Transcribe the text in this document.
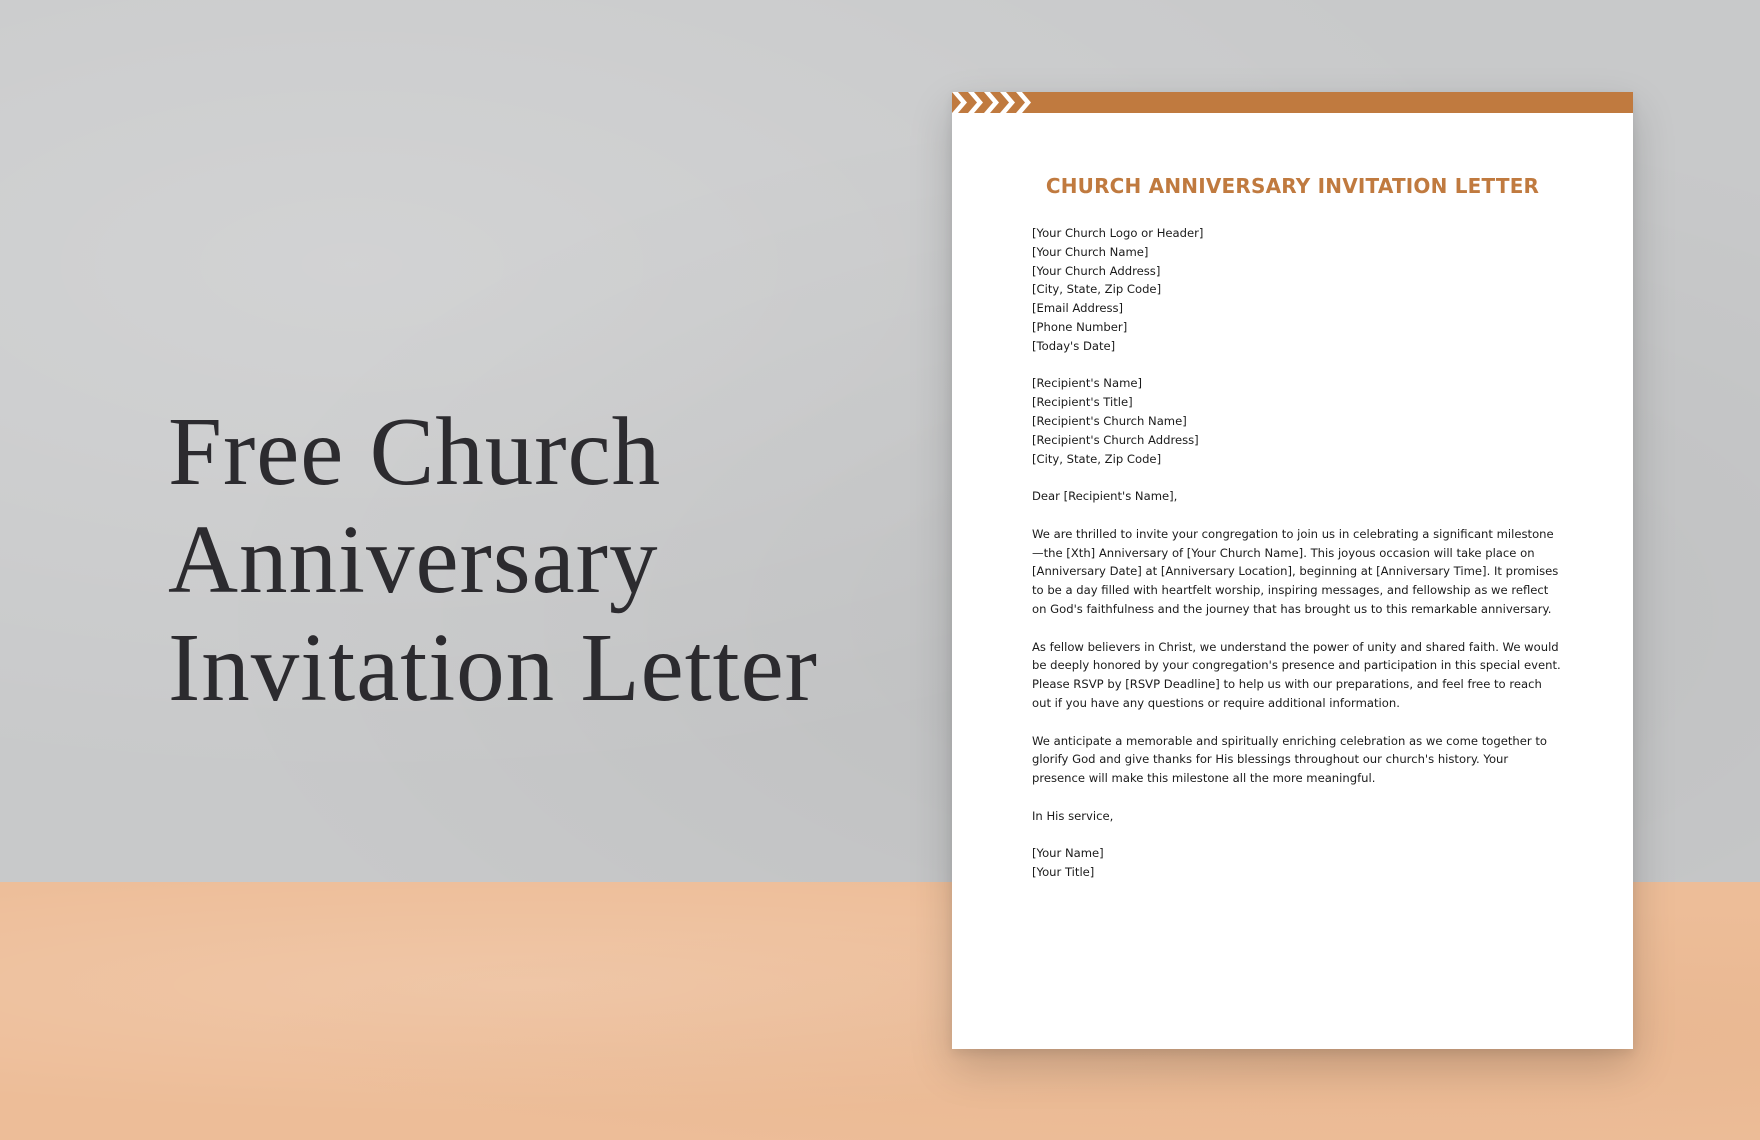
Free Church
Anniversary
Invitation Letter
CHURCH ANNIVERSARY INVITATION LETTER
[Your Church Logo or Header]
[Your Church Name]
[Your Church Address]
[City, State, Zip Code]
[Email Address]
[Phone Number]
[Today's Date]
[Recipient's Name]
[Recipient's Title]
[Recipient's Church Name]
[Recipient's Church Address]
[City, State, Zip Code]

Dear [Recipient's Name],

We are thrilled to invite your congregation to join us in celebrating a significant milestone—the [Xth] Anniversary of [Your Church Name]. This joyous occasion will take place on [Anniversary Date] at [Anniversary Location], beginning at [Anniversary Time]. It promises to be a day filled with heartfelt worship, inspiring messages, and fellowship as we reflect on God's faithfulness and the journey that has brought us to this remarkable anniversary.

As fellow believers in Christ, we understand the power of unity and shared faith. We would be deeply honored by your congregation's presence and participation in this special event. Please RSVP by [RSVP Deadline] to help us with our preparations, and feel free to reach out if you have any questions or require additional information.

We anticipate a memorable and spiritually enriching celebration as we come together to glorify God and give thanks for His blessings throughout our church's history. Your presence will make this milestone all the more meaningful.

In His service,

[Your Name]
[Your Title]
